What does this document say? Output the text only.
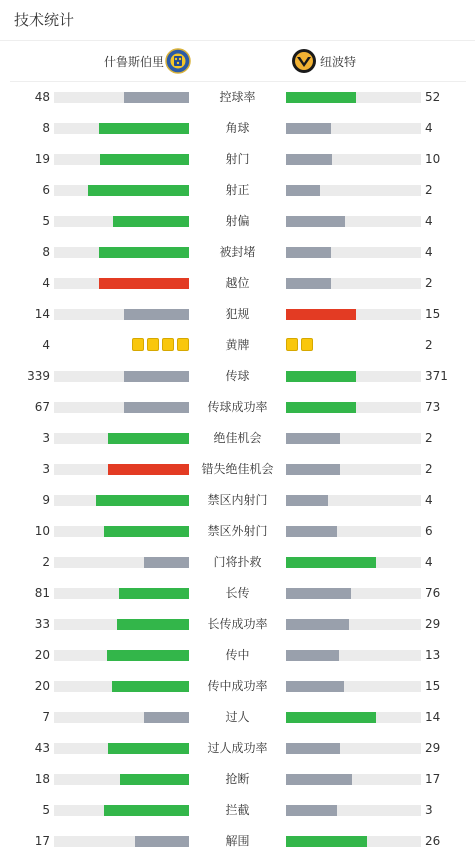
技术统计
什鲁斯伯里	纽波特
48	控球率	52
8	角球	4
19	射门	10
6	射正	2
5	射偏	4
8	被封堵	4
4	越位	2
14	犯规	15
4	黄牌	2
339	传球	371
67	传球成功率	73
3	绝佳机会	2
3	错失绝佳机会	2
9	禁区内射门	4
10	禁区外射门	6
2	门将扑救	4
81	长传	76
33	长传成功率	29
20	传中	13
20	传中成功率	15
7	过人	14
43	过人成功率	29
18	抢断	17
5	拦截	3
17	解围	26
